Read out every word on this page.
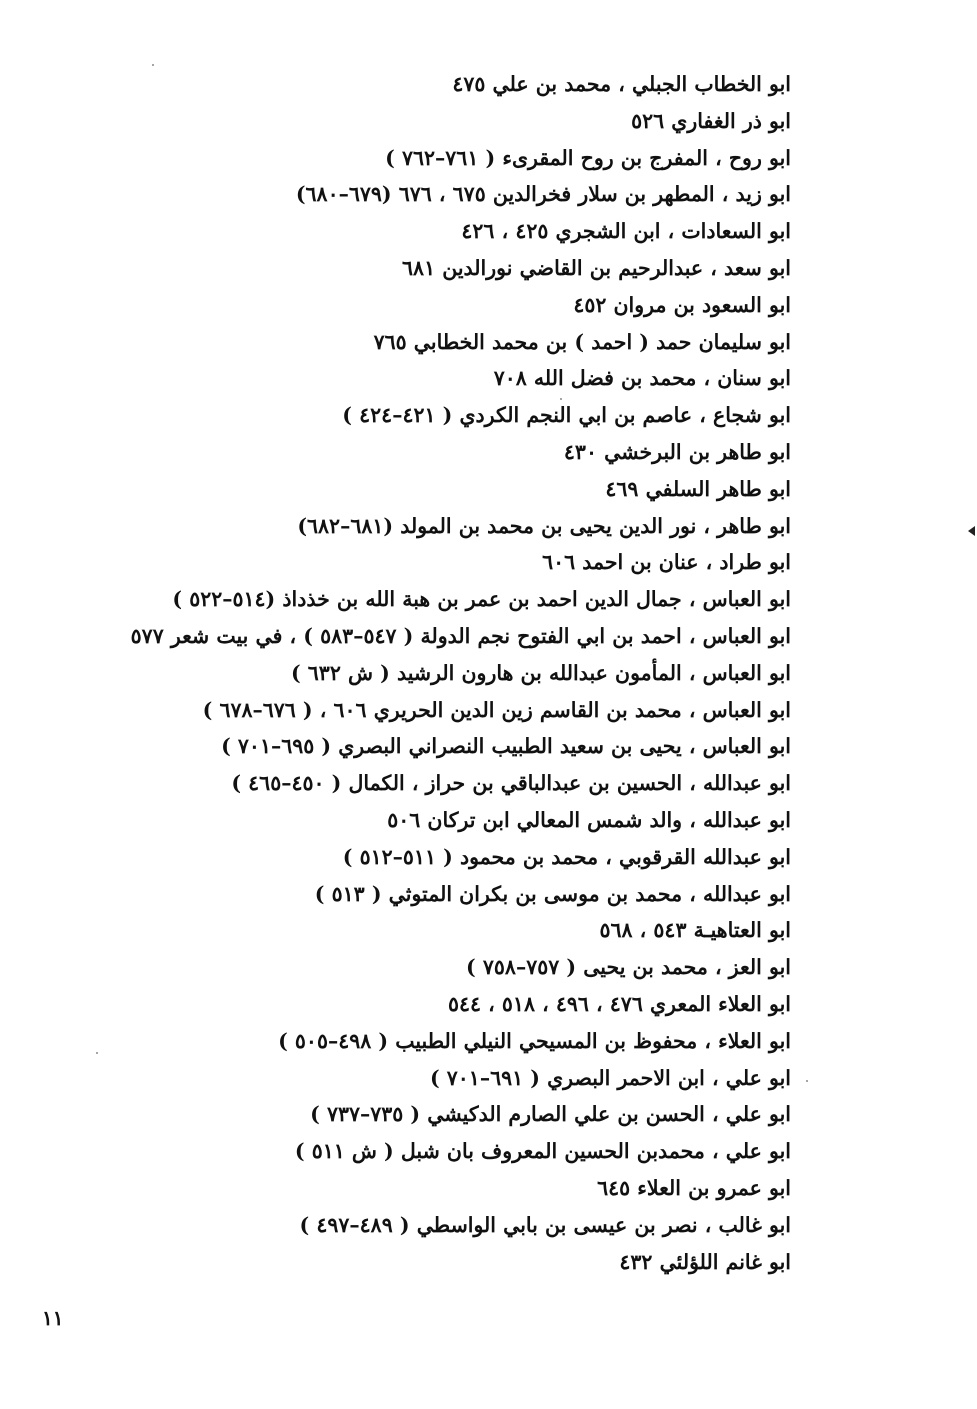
ابو الخطاب الجبلي ، محمد بن علي ٤٧٥
ابو ذر الغفاري ٥٢٦
ابو روح ، المفرج بن روح المقرىء ( ٧٦١–٧٦٢ )
ابو زيد ، المطهر بن سلار فخرالدين ٦٧٥ ، ٦٧٦ (٦٧٩–٦٨٠)
ابو السعادات ، ابن الشجري ٤٢٥ ، ٤٢٦
ابو سعد ، عبدالرحيم بن القاضي نورالدين ٦٨١
ابو السعود بن مروان ٤٥٢
ابو سليمان حمد ( احمد ) بن محمد الخطابي ٧٦٥
ابو سنان ، محمد بن فضل الله ٧٠٨
ابو شجاع ، عاصم بن ابي النجم الكردي ( ٤٢١–٤٢٤ )
ابو طاهر بن البرخشي ٤٣٠
ابو طاهر السلفي ٤٦٩
ابو طاهر ، نور الدين يحيى بن محمد بن المولد (٦٨١–٦٨٢)
ابو طراد ، عنان بن احمد ٦٠٦
ابو العباس ، جمال الدين احمد بن عمر بن هبة الله بن خذداذ (٥١٤–٥٢٢ )
ابو العباس ، احمد بن ابي الفتوح نجم الدولة ( ٥٤٧–٥٨٣ ) ، في بيت شعر ٥٧٧
ابو العباس ، المأمون عبدالله بن هارون الرشيد ( ش ٦٣٢ )
ابو العباس ، محمد بن القاسم زين الدين الحريري ٦٠٦ ، ( ٦٧٦–٦٧٨ )
ابو العباس ، يحيى بن سعيد الطبيب النصراني البصري ( ٦٩٥–٧٠١ )
ابو عبدالله ، الحسين بن عبدالباقي بن حراز ، الكمال ( ٤٥٠–٤٦٥ )
ابو عبدالله ، والد شمس المعالي ابن تركان ٥٠٦
ابو عبدالله القرقوبي ، محمد بن محمود ( ٥١١–٥١٢ )
ابو عبدالله ، محمد بن موسى بن بكران المتوثي ( ٥١٣ )
ابو العتاهيـة ٥٤٣ ، ٥٦٨
ابو العز ، محمد بن يحيى ( ٧٥٧–٧٥٨ )
ابو العلاء المعري ٤٧٦ ، ٤٩٦ ، ٥١٨ ، ٥٤٤
ابو العلاء ، محفوظ بن المسيحي النيلي الطبيب ( ٤٩٨–٥٠٥ )
ابو علي ، ابن الاحمر البصري ( ٦٩١–٧٠١ )
ابو علي ، الحسن بن علي الصارم الدكيشي ( ٧٣٥–٧٣٧ )
ابو علي ، محمدبن الحسين المعروف بان شبل ( ش ٥١١ )
ابو عمرو بن العلاء ٦٤٥
ابو غالب ، نصر بن عيسى بن بابي الواسطي ( ٤٨٩–٤٩٧ )
ابو غانم اللؤلئي ٤٣٢
١١
